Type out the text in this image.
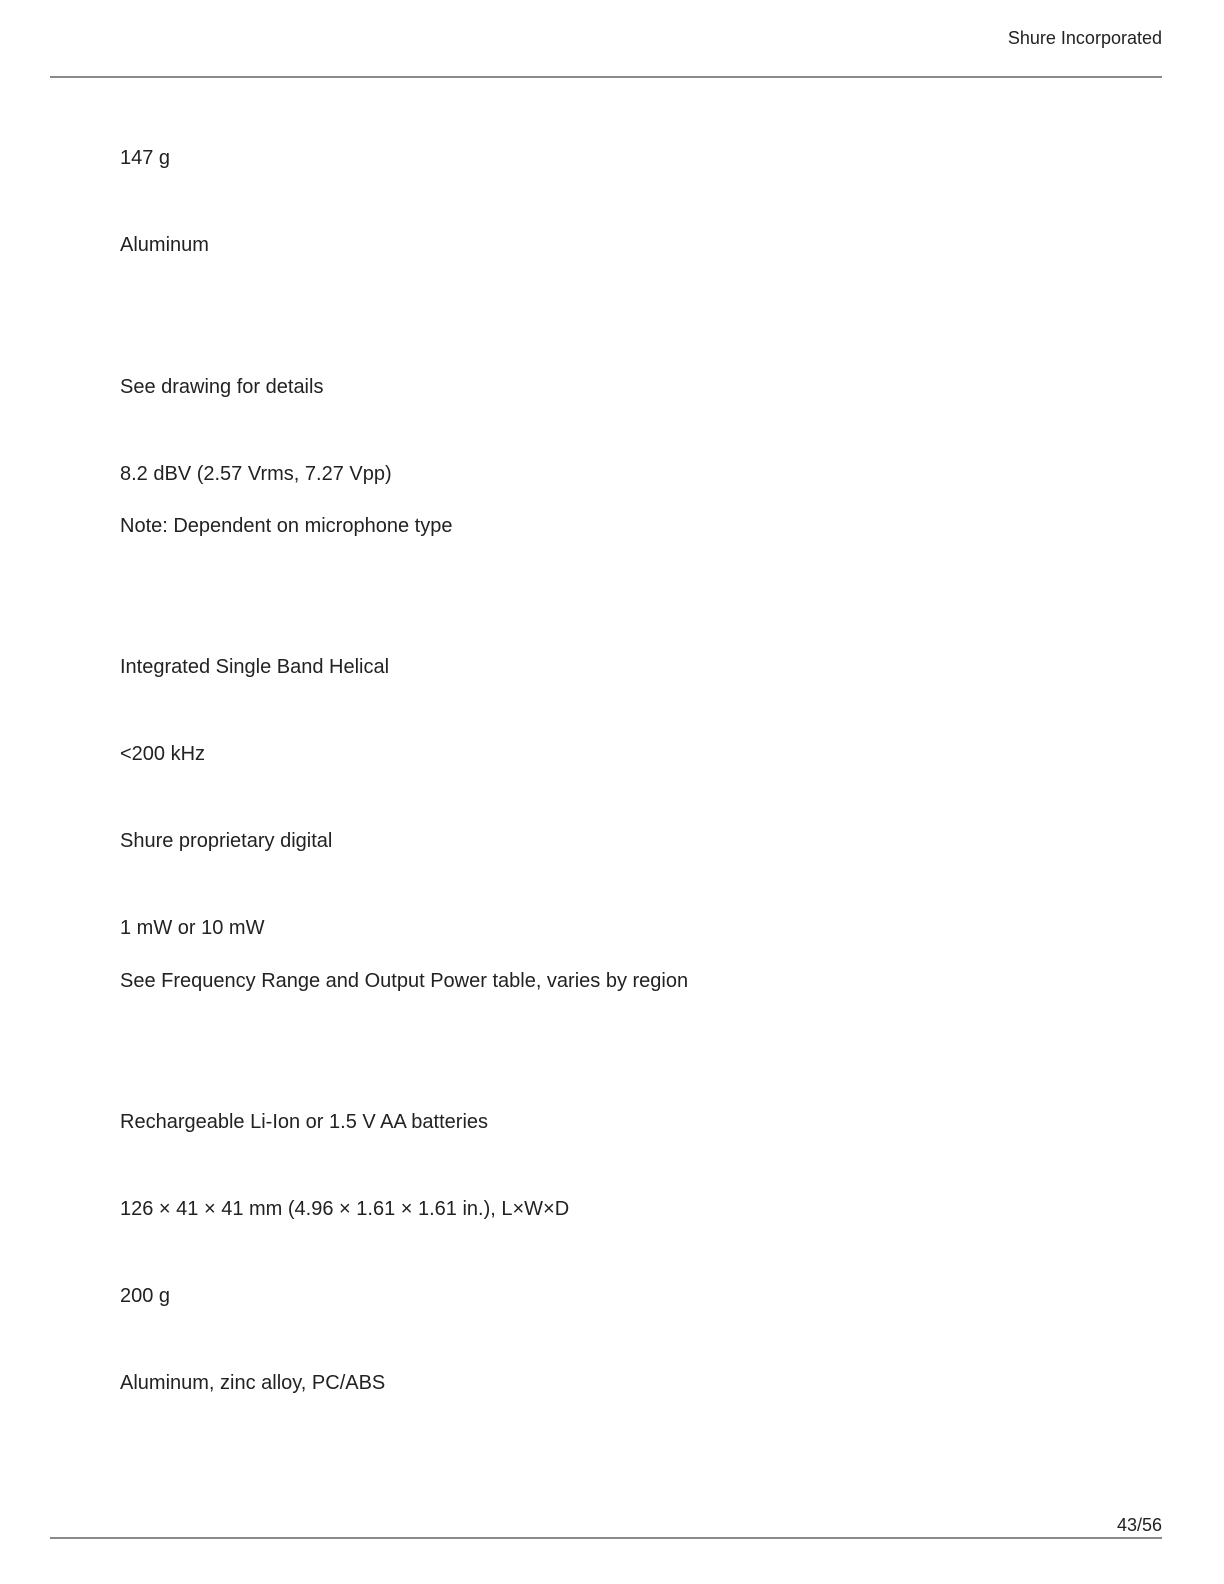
Shure Incorporated
147 g
Aluminum
See drawing for details
8.2 dBV (2.57 Vrms, 7.27 Vpp)
Note: Dependent on microphone type
Integrated Single Band Helical
<200 kHz
Shure proprietary digital
1 mW or 10 mW
See Frequency Range and Output Power table, varies by region
Rechargeable Li-Ion or 1.5 V AA batteries
126 × 41 × 41 mm (4.96 × 1.61 × 1.61 in.), L×W×D
200 g
Aluminum, zinc alloy, PC/ABS
43/56
